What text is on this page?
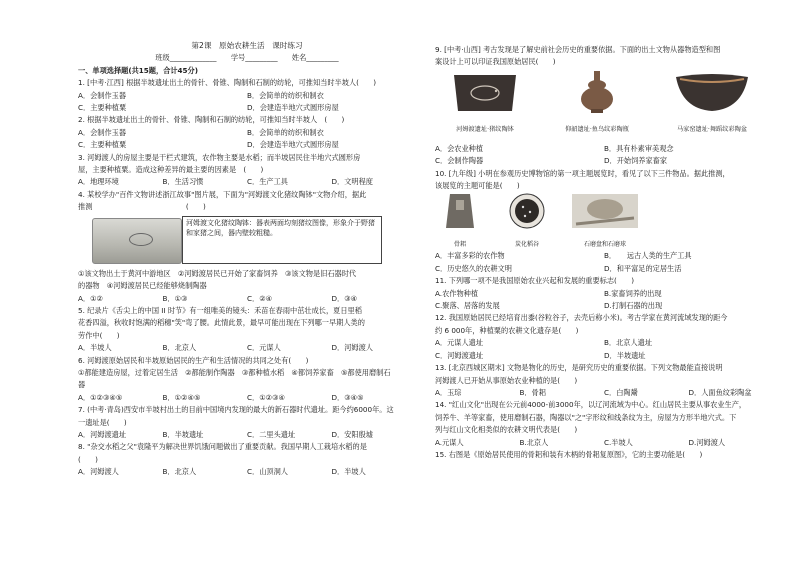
第2课　原始农耕生活　课时练习
班级_____________　　学号_________　　姓名_________
一、单项选择题(共15题，合计45分)
1. [中考·江西] 根据半坡遗址出土的骨针、骨锥、陶制和石制的纺轮，可推知当时半坡人(　　)
A．会制作玉器	B．会简单的纺织和制衣
C．主要种植粟	D．会建造半地穴式圆形房屋
2. 根据半坡遗址出土的骨针、骨锥、陶制和石制的纺轮，可推知当时半坡人　(　　)
A．会制作玉器	B．会简单的纺织和制衣
C．主要种植粟	D．会建造半地穴式圆形房屋
3. 河姆渡人的房屋主要是干栏式建筑，农作物主要是水稻；而半坡居民住半地穴式圆形房
屋，主要种植粟。造成这种差异的最主要的因素是　(　　)
A．地理环境	B．生活习惯	C．生产工具	D．文明程度
4. 某校学办"百件文物讲述浙江故事"图片展，下面为"河姆渡文化猪纹陶钵"文物介绍，据此
推测　　　　　　　　　　　　　(　　)
河姆渡文化猪纹陶钵：器表两面均刻猪纹图像，形象介于野猪和家猪之间，器内壁较粗糙。
①该文物出土于黄河中游地区　②河姆渡居民已开始了家畜饲养　③该文物是旧石器时代
的器物　④河姆渡居民已经能够烧制陶器
A．①②	B．①③	C．②④	D．③④
5. 纪录片《舌尖上的中国 II 时节》有一组唯美的镜头：禾苗在春雨中茁壮成长，夏日里稻
花香四溢，秋收时饱满的稻穗"笑"弯了腰。此情此景，最早可能出现在下列哪一早期人类的
劳作中(　　)
A．半坡人	B．北京人	C．元谋人	D．河姆渡人
6. 河姆渡原始居民和半坡原始居民的生产和生活情况的共同之处有(　　)
①都能建造房屋，过着定居生活　②都能制作陶器　③都种植水稻　④都饲养家畜　⑤都使用磨制石
器
A．①②③④⑤	B．①②④⑤	C．①②③④	D．③④⑤
7. (中考·青岛)西安市半坡村出土的目前中国境内发现的最大的新石器时代遗址。距今约6000年。这
一遗址是(　　)
A．河姆渡遗址	B．半坡遗址	C．二里头遗址	D．安阳殷墟
8. "杂交水稻之父"袁隆平为解决世界饥饿问题做出了重要贡献。我国早期人工栽培水稻的是
(　　)
A．河姆渡人	B．北京人	C．山顶洞人	D．半坡人
9. [中考·山西] 考古发现是了解史前社会历史的重要依据。下面的出土文物从器物造型和图
案设计上可以印证我国原始居民(　　)
河姆渡遗址·猪纹陶钵	仰韶遗址·鱼鸟纹彩陶瓶	马家窑遗址·舞蹈纹彩陶盆
A．会农业种植	B．具有朴素审美观念
C．会制作陶器	D．开始饲养家畜家
10. [九年级] 小明在参观历史博物馆的第一项主题展览时，看见了以下三件物品。据此推测，
该展览的主题可能是(　　)
骨耜	炭化稻谷	石磨盘和石磨球
A．丰富多彩的农作物	B．　　远古人类的生产工具
C．历史悠久的农耕文明	D．和平富足的定居生活
11. 下列哪一项不是我国原始农业兴起和发展的重要标志(　　)
A.农作物种植	B.家畜饲养的出现
C.聚落、居落的发展	D.打制石器的出现
12. 我国原始居民已经培育出黍(谷粒谷子，去壳后称小米)。考古学家在黄河流域发现的距今
约 6 000年，种植粟的农耕文化遗存是(　　)
A．元谋人遗址	B．北京人遗址
C．河姆渡遗址	D．半坡遗址
13. [北京西城区期末] 文物是物化的历史，是研究历史的重要依据。下列文物最能直接说明
河姆渡人已开始从事原始农业种植的是(　　)
A．玉琮	B．骨耜	C．白陶鬶	D．人面鱼纹彩陶盆
14. "红山文化"出现在公元前4000-前3000年，以辽河流域为中心。红山居民主要从事农业生产，
饲养牛、羊等家畜，使用磨制石器，陶器以"之"字形纹和线条纹为主，房屋为方形半地穴式。下
列与红山文化相类似的农耕文明代表是(　　)
A.元谋人	B.北京人	C.半坡人	D.河姆渡人
15. 右图是《原始居民使用的骨耜和装有木柄的骨耜复原图》，它的主要功能是(　　)
